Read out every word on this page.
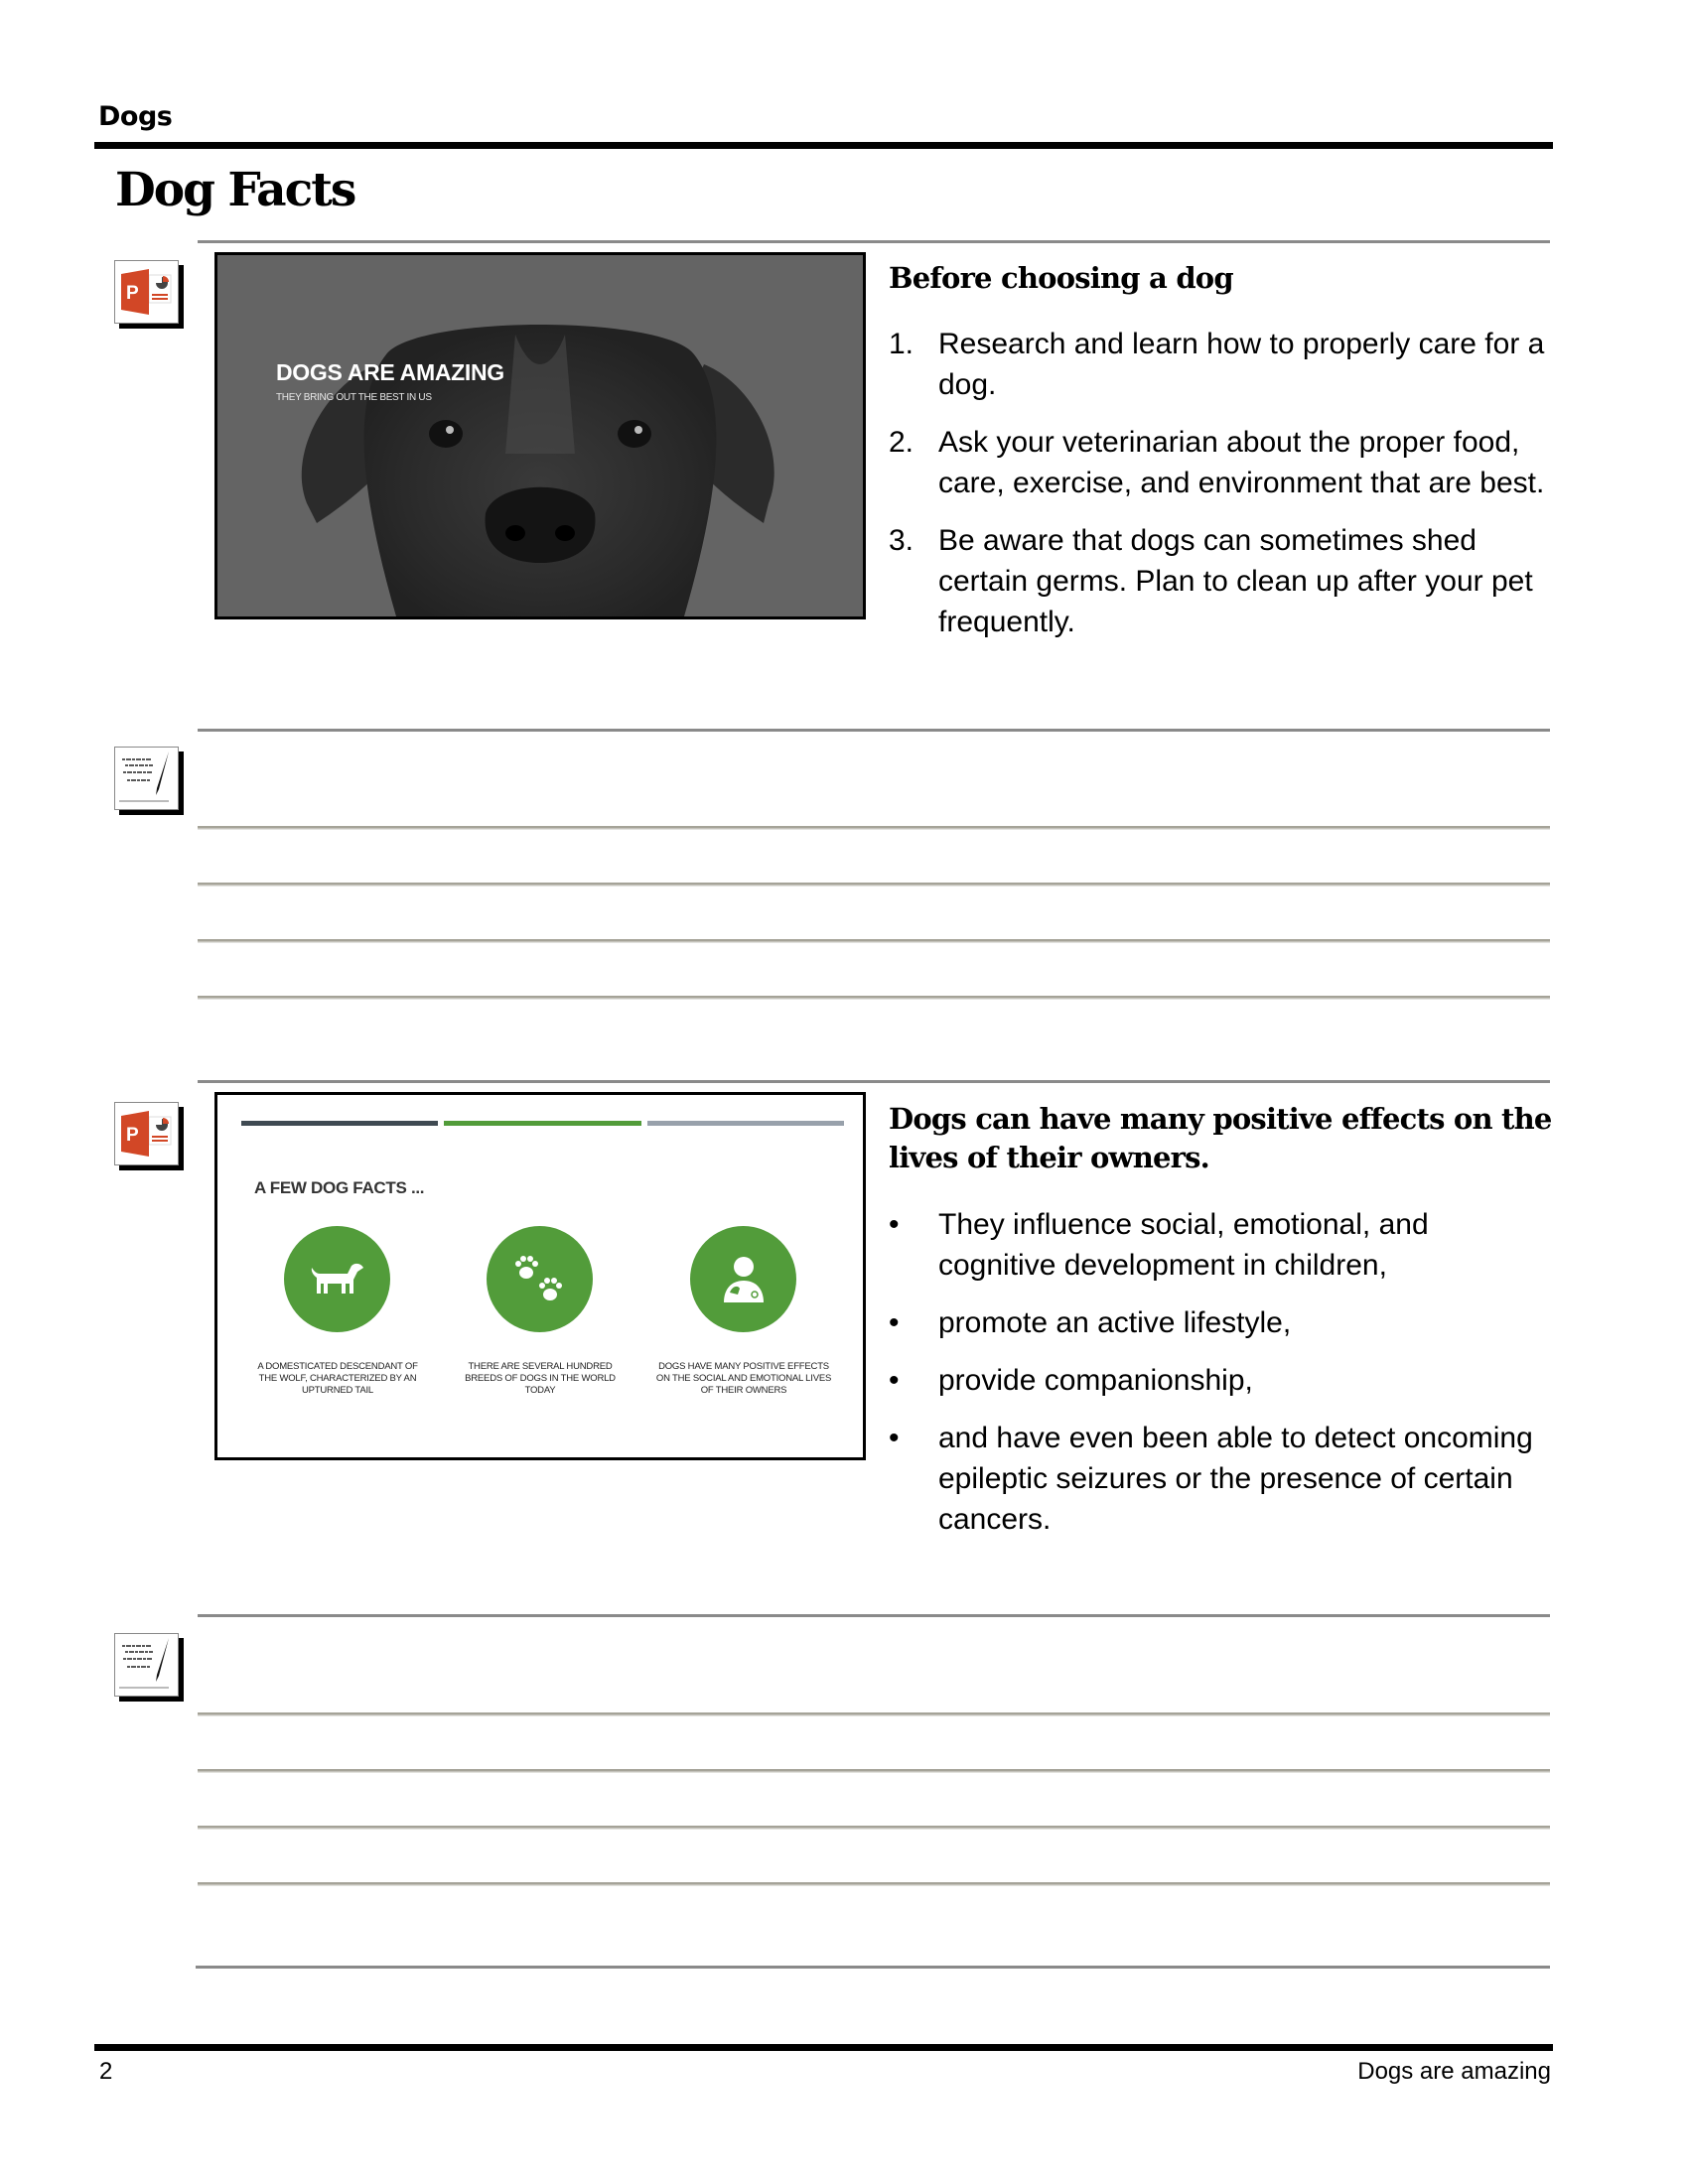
Dogs
Dog Facts
P
DOGS ARE AMAZING
THEY BRING OUT THE BEST IN US
Before choosing a dog
1. Research and learn how to properly care for a dog.
2. Ask your veterinarian about the proper food, care, exercise, and environment that are best.
3. Be aware that dogs can sometimes shed certain germs. Plan to clean up after your pet frequently.
P
A FEW DOG FACTS ...
A DOMESTICATED DESCENDANT OF THE WOLF, CHARACTERIZED BY AN UPTURNED TAIL
THERE ARE SEVERAL HUNDRED BREEDS OF DOGS IN THE WORLD TODAY
DOGS HAVE MANY POSITIVE EFFECTS ON THE SOCIAL AND EMOTIONAL LIVES OF THEIR OWNERS
Dogs can have many positive effects on the lives of their owners.
• They influence social, emotional, and cognitive development in children,
• promote an active lifestyle,
• provide companionship,
• and have even been able to detect oncoming epileptic seizures or the presence of certain cancers.
2	Dogs are amazing
